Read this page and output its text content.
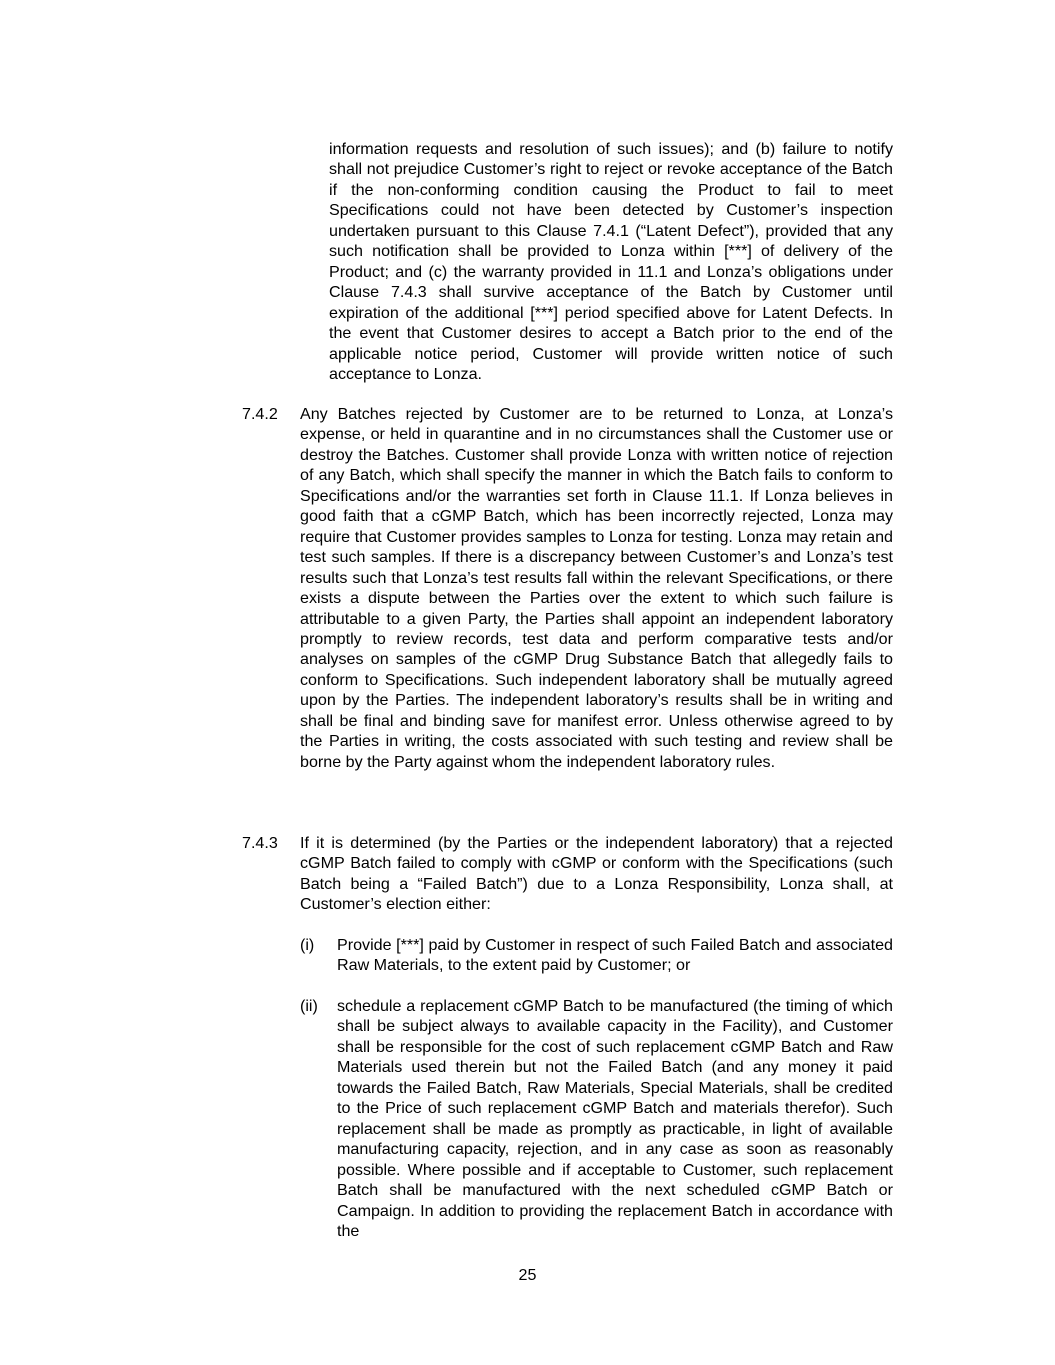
information requests and resolution of such issues); and (b) failure to notify shall not prejudice Customer’s right to reject or revoke acceptance of the Batch if the non-conforming condition causing the Product to fail to meet Specifications could not have been detected by Customer’s inspection undertaken pursuant to this Clause 7.4.1 (“Latent Defect”), provided that any such notification shall be provided to Lonza within [***] of delivery of the Product; and (c) the warranty provided in 11.1 and Lonza’s obligations under Clause 7.4.3 shall survive acceptance of the Batch by Customer until expiration of the additional [***] period specified above for Latent Defects. In the event that Customer desires to accept a Batch prior to the end of the applicable notice period, Customer will provide written notice of such acceptance to Lonza.

7.4.2 Any Batches rejected by Customer are to be returned to Lonza, at Lonza’s expense, or held in quarantine and in no circumstances shall the Customer use or destroy the Batches. Customer shall provide Lonza with written notice of rejection of any Batch, which shall specify the manner in which the Batch fails to conform to Specifications and/or the warranties set forth in Clause 11.1. If Lonza believes in good faith that a cGMP Batch, which has been incorrectly rejected, Lonza may require that Customer provides samples to Lonza for testing. Lonza may retain and test such samples. If there is a discrepancy between Customer’s and Lonza’s test results such that Lonza’s test results fall within the relevant Specifications, or there exists a dispute between the Parties over the extent to which such failure is attributable to a given Party, the Parties shall appoint an independent laboratory promptly to review records, test data and perform comparative tests and/or analyses on samples of the cGMP Drug Substance Batch that allegedly fails to conform to Specifications. Such independent laboratory shall be mutually agreed upon by the Parties. The independent laboratory’s results shall be in writing and shall be final and binding save for manifest error. Unless otherwise agreed to by the Parties in writing, the costs associated with such testing and review shall be borne by the Party against whom the independent laboratory rules.

7.4.3 If it is determined (by the Parties or the independent laboratory) that a rejected cGMP Batch failed to comply with cGMP or conform with the Specifications (such Batch being a “Failed Batch”) due to a Lonza Responsibility, Lonza shall, at Customer’s election either:

(i) Provide [***] paid by Customer in respect of such Failed Batch and associated Raw Materials, to the extent paid by Customer; or

(ii) schedule a replacement cGMP Batch to be manufactured (the timing of which shall be subject always to available capacity in the Facility), and Customer shall be responsible for the cost of such replacement cGMP Batch and Raw Materials used therein but not the Failed Batch (and any money it paid towards the Failed Batch, Raw Materials, Special Materials, shall be credited to the Price of such replacement cGMP Batch and materials therefor). Such replacement shall be made as promptly as practicable, in light of available manufacturing capacity, rejection, and in any case as soon as reasonably possible. Where possible and if acceptable to Customer, such replacement Batch shall be manufactured with the next scheduled cGMP Batch or Campaign. In addition to providing the replacement Batch in accordance with the

25
